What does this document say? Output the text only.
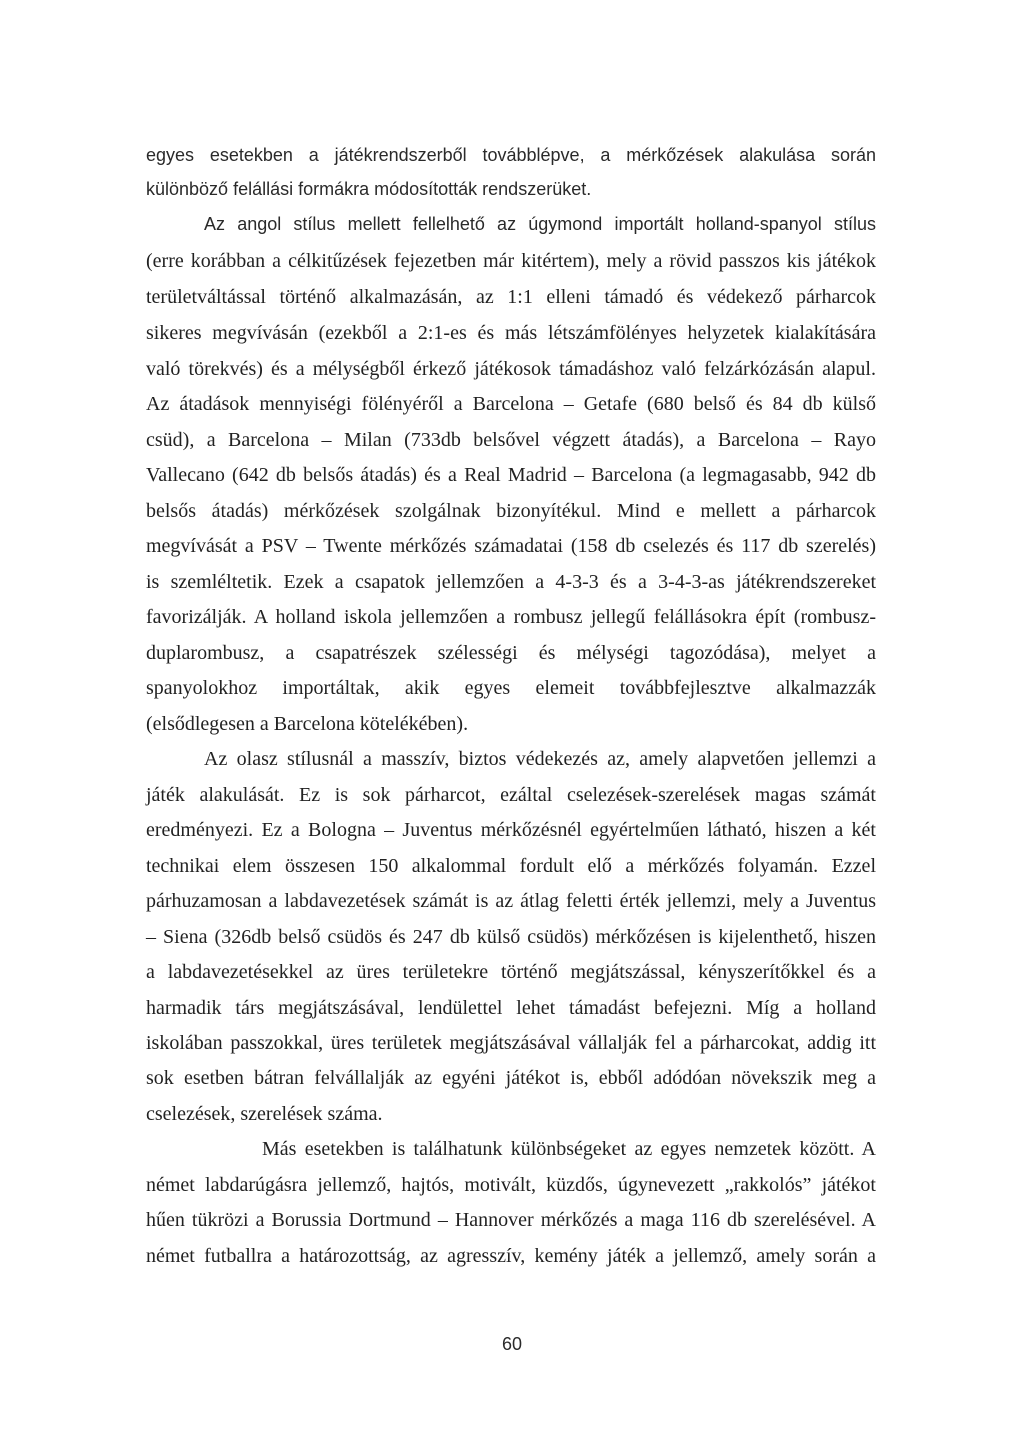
egyes esetekben a játékrendszerből továbblépve, a mérkőzések alakulása során
különböző felállási formákra módosították rendszerüket.
Az angol stílus mellett fellelhető az úgymond importált holland-spanyol stílus
(erre korábban a célkitűzések fejezetben már kitértem), mely a rövid passzos kis játékok
területváltással történő alkalmazásán, az 1:1 elleni támadó és védekező párharcok
sikeres megvívásán (ezekből a 2:1-es és más létszámfölényes helyzetek kialakítására
való törekvés) és a mélységből érkező játékosok támadáshoz való felzárkózásán alapul.
Az átadások mennyiségi fölényéről a Barcelona – Getafe (680 belső és 84 db külső
csüd), a Barcelona – Milan (733db belsővel végzett átadás), a Barcelona – Rayo
Vallecano (642 db belsős átadás) és a Real Madrid – Barcelona (a legmagasabb, 942 db
belsős átadás) mérkőzések szolgálnak bizonyítékul. Mind e mellett a párharcok
megvívását a PSV – Twente mérkőzés számadatai (158 db cselezés és 117 db szerelés)
is szemléltetik. Ezek a csapatok jellemzően a 4-3-3 és a 3-4-3-as játékrendszereket
favorizálják. A holland iskola jellemzően a rombusz jellegű felállásokra épít (rombusz-
duplarombusz, a csapatrészek szélességi és mélységi tagozódása), melyet a
spanyolokhoz importáltak, akik egyes elemeit továbbfejlesztve alkalmazzák
(elsődlegesen a Barcelona kötelékében).
Az olasz stílusnál a masszív, biztos védekezés az, amely alapvetően jellemzi a
játék alakulását. Ez is sok párharcot, ezáltal cselezések-szerelések magas számát
eredményezi. Ez a Bologna – Juventus mérkőzésnél egyértelműen látható, hiszen a két
technikai elem összesen 150 alkalommal fordult elő a mérkőzés folyamán. Ezzel
párhuzamosan a labdavezetések számát is az átlag feletti érték jellemzi, mely a Juventus
– Siena (326db belső csüdös és 247 db külső csüdös) mérkőzésen is kijelenthető, hiszen
a labdavezetésekkel az üres területekre történő megjátszással, kényszerítőkkel és a
harmadik társ megjátszásával, lendülettel lehet támadást befejezni. Míg a holland
iskolában passzokkal, üres területek megjátszásával vállalják fel a párharcokat, addig itt
sok esetben bátran felvállalják az egyéni játékot is, ebből adódóan növekszik meg a
cselezések, szerelések száma.
Más esetekben is találhatunk különbségeket az egyes nemzetek között. A
német labdarúgásra jellemző, hajtós, motivált, küzdős, úgynevezett „rakkolós” játékot
hűen tükrözi a Borussia Dortmund – Hannover mérkőzés a maga 116 db szerelésével. A
német futballra a határozottság, az agresszív, kemény játék a jellemző, amely során a
60
